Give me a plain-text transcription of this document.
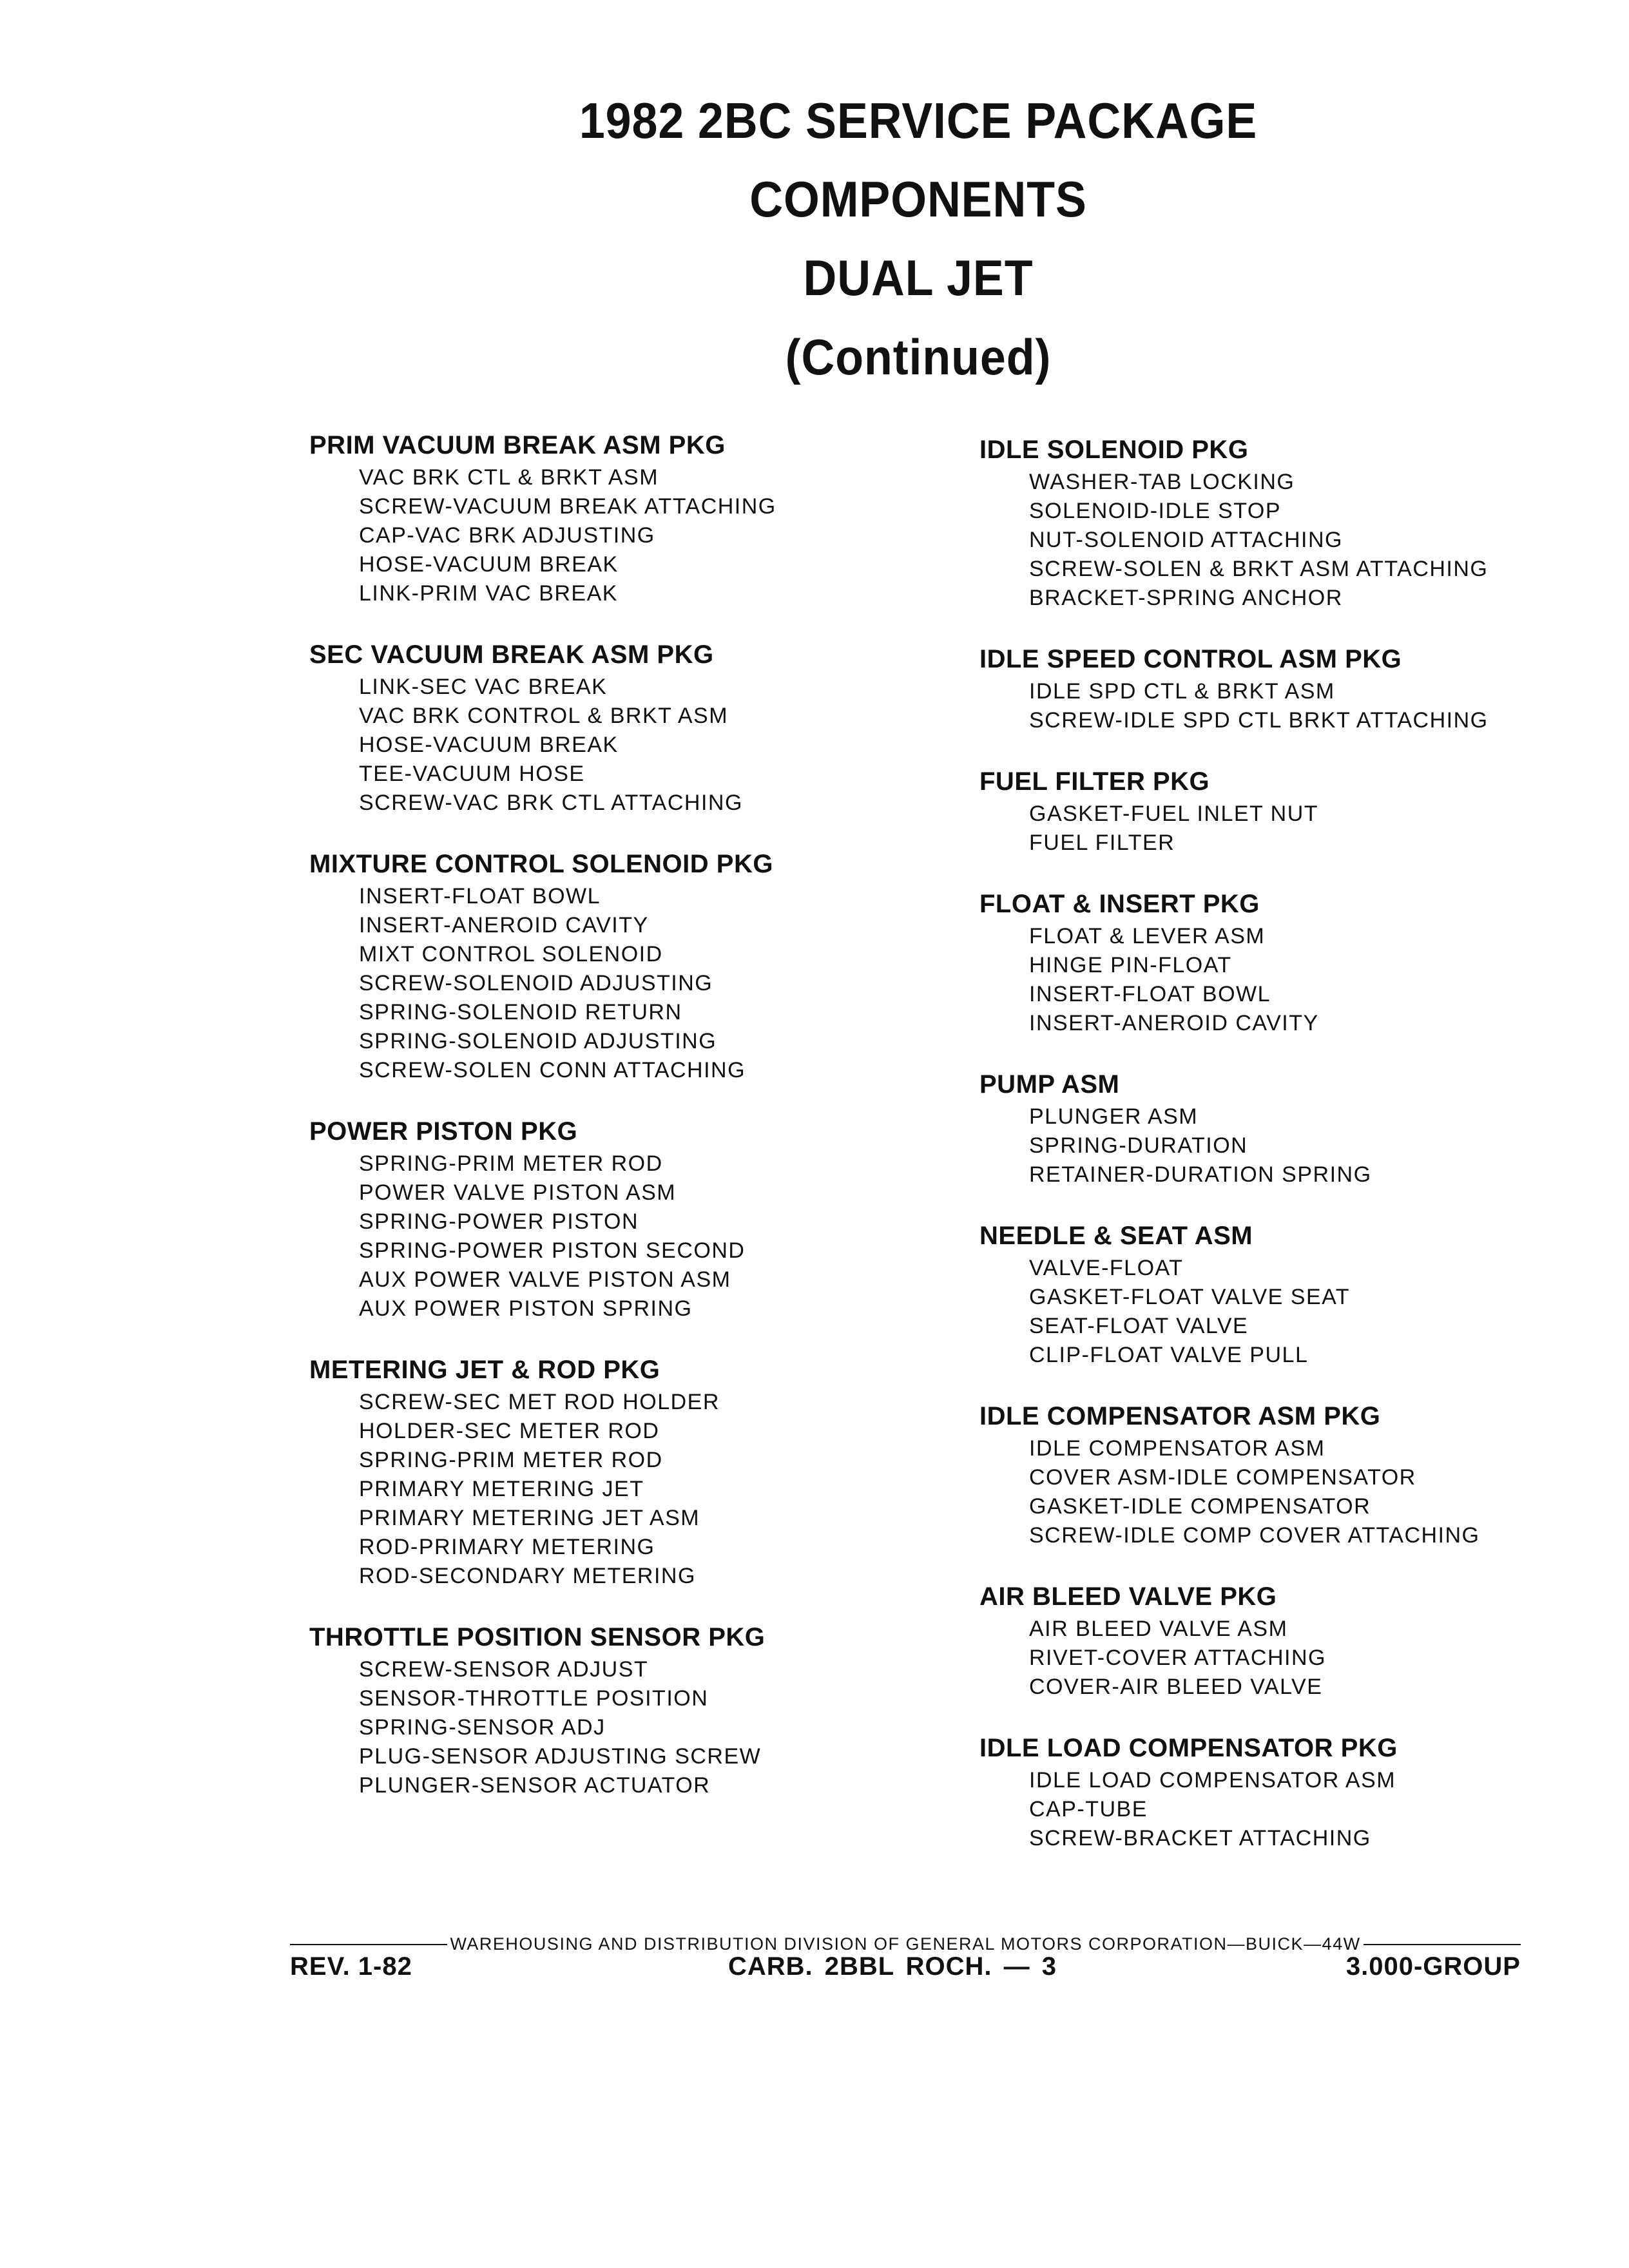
1982 2BC SERVICE PACKAGE
COMPONENTS
DUAL JET
(Continued)
PRIM VACUUM BREAK ASM PKG
VAC BRK CTL & BRKT ASM
SCREW-VACUUM BREAK ATTACHING
CAP-VAC BRK ADJUSTING
HOSE-VACUUM BREAK
LINK-PRIM VAC BREAK
SEC VACUUM BREAK ASM PKG
LINK-SEC VAC BREAK
VAC BRK CONTROL & BRKT ASM
HOSE-VACUUM BREAK
TEE-VACUUM HOSE
SCREW-VAC BRK CTL ATTACHING
MIXTURE CONTROL SOLENOID PKG
INSERT-FLOAT BOWL
INSERT-ANEROID CAVITY
MIXT CONTROL SOLENOID
SCREW-SOLENOID ADJUSTING
SPRING-SOLENOID RETURN
SPRING-SOLENOID ADJUSTING
SCREW-SOLEN CONN ATTACHING
POWER PISTON PKG
SPRING-PRIM METER ROD
POWER VALVE PISTON ASM
SPRING-POWER PISTON
SPRING-POWER PISTON SECOND
AUX POWER VALVE PISTON ASM
AUX POWER PISTON SPRING
METERING JET & ROD PKG
SCREW-SEC MET ROD HOLDER
HOLDER-SEC METER ROD
SPRING-PRIM METER ROD
PRIMARY METERING JET
PRIMARY METERING JET ASM
ROD-PRIMARY METERING
ROD-SECONDARY METERING
THROTTLE POSITION SENSOR PKG
SCREW-SENSOR ADJUST
SENSOR-THROTTLE POSITION
SPRING-SENSOR ADJ
PLUG-SENSOR ADJUSTING SCREW
PLUNGER-SENSOR ACTUATOR
IDLE SOLENOID PKG
WASHER-TAB LOCKING
SOLENOID-IDLE STOP
NUT-SOLENOID ATTACHING
SCREW-SOLEN & BRKT ASM ATTACHING
BRACKET-SPRING ANCHOR
IDLE SPEED CONTROL ASM PKG
IDLE SPD CTL & BRKT ASM
SCREW-IDLE SPD CTL BRKT ATTACHING
FUEL FILTER PKG
GASKET-FUEL INLET NUT
FUEL FILTER
FLOAT & INSERT PKG
FLOAT & LEVER ASM
HINGE PIN-FLOAT
INSERT-FLOAT BOWL
INSERT-ANEROID CAVITY
PUMP ASM
PLUNGER ASM
SPRING-DURATION
RETAINER-DURATION SPRING
NEEDLE & SEAT ASM
VALVE-FLOAT
GASKET-FLOAT VALVE SEAT
SEAT-FLOAT VALVE
CLIP-FLOAT VALVE PULL
IDLE COMPENSATOR ASM PKG
IDLE COMPENSATOR ASM
COVER ASM-IDLE COMPENSATOR
GASKET-IDLE COMPENSATOR
SCREW-IDLE COMP COVER ATTACHING
AIR BLEED VALVE PKG
AIR BLEED VALVE ASM
RIVET-COVER ATTACHING
COVER-AIR BLEED VALVE
IDLE LOAD COMPENSATOR PKG
IDLE LOAD COMPENSATOR ASM
CAP-TUBE
SCREW-BRACKET ATTACHING
WAREHOUSING AND DISTRIBUTION DIVISION OF GENERAL MOTORS CORPORATION—BUICK—44W
REV. 1-82	CARB. 2BBL ROCH. — 3	3.000-GROUP
